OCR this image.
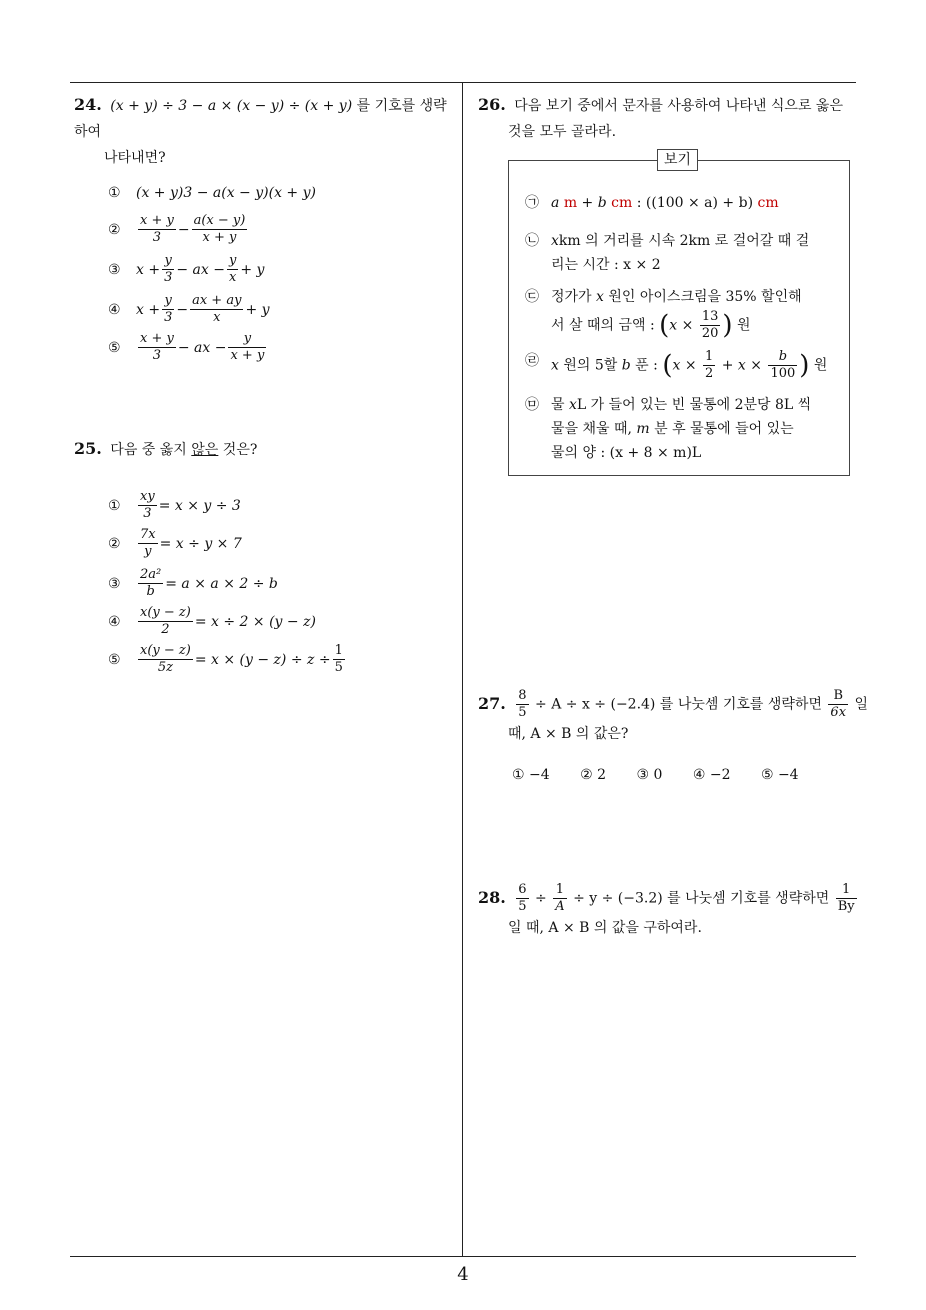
24. (x + y) ÷ 3 − a × (x − y) ÷ (x + y) 를 기호를 생략하여
나타내면?
①	(x + y)3 − a(x − y)(x + y)
②	$\frac{x + y}{3} - \frac{a(x - y)}{x + y}$
③	$x + \frac{y}{3}$ − ax − $\frac{y}{x} + y$
④	$x + \frac{y}{3} - \frac{ax + ay}{x} + y$
⑤	$\frac{x + y}{3}$ − ax − $\frac{y}{x + y}$
25. 다음 중 옳지 않은 것은?
①	$\frac{xy}{3} = x \times y \div 3$
②	$\frac{7x}{y} = x \div y \times 7$
③	$\frac{\text{2a²}}{b} = a \times a \times 2 \div b$
④	$\frac{x(y - z)}{2} = x \div 2 \times (y - z)$
⑤	$\frac{x(y - z)}{5z} = x \times (y - z) \div z \div \frac{1}{5}$
26. 다음 보기 중에서 문자를 사용하여 나타낸 식으로 옳은
것을 모두 골라라.
보기
㉠ a m + b cm : ((100 × a) + b) cm
㉡ xkm 의 거리를 시속 2km 로 걸어갈 때 걸
리는 시간 : x × 2
㉢ 정가가 x 원인 아이스크림을 35% 할인해
서 살 때의 금액 : ($x \times \frac{13}{20}$ ) 원
㉣ x 원의 5할 b 푼 : ($x \times \frac{1}{2} + x \times \frac{b}{100}$ ) 원
㉤ 물 xL 가 들어 있는 빈 물통에 2분당 8L 씩
물을 채울 때, m 분 후 물통에 들어 있는
물의 양 : (x + 8 × m)L
27. $\frac{8}{5} \div A \div x \div (-2.4)$ 를 나눗셈 기호를 생략하면 $\frac{B}{6x}$ 일
때, A × B 의 값은?
① −4 ② 2 ③ 0 ④ −2 ⑤ −4
28. $\frac{6}{5} \div \frac{1}{A} \div y \div (-3.2)$ 를 나눗셈 기호를 생략하면 $\frac{1}{By}$
일 때, A × B 의 값을 구하여라.
4
